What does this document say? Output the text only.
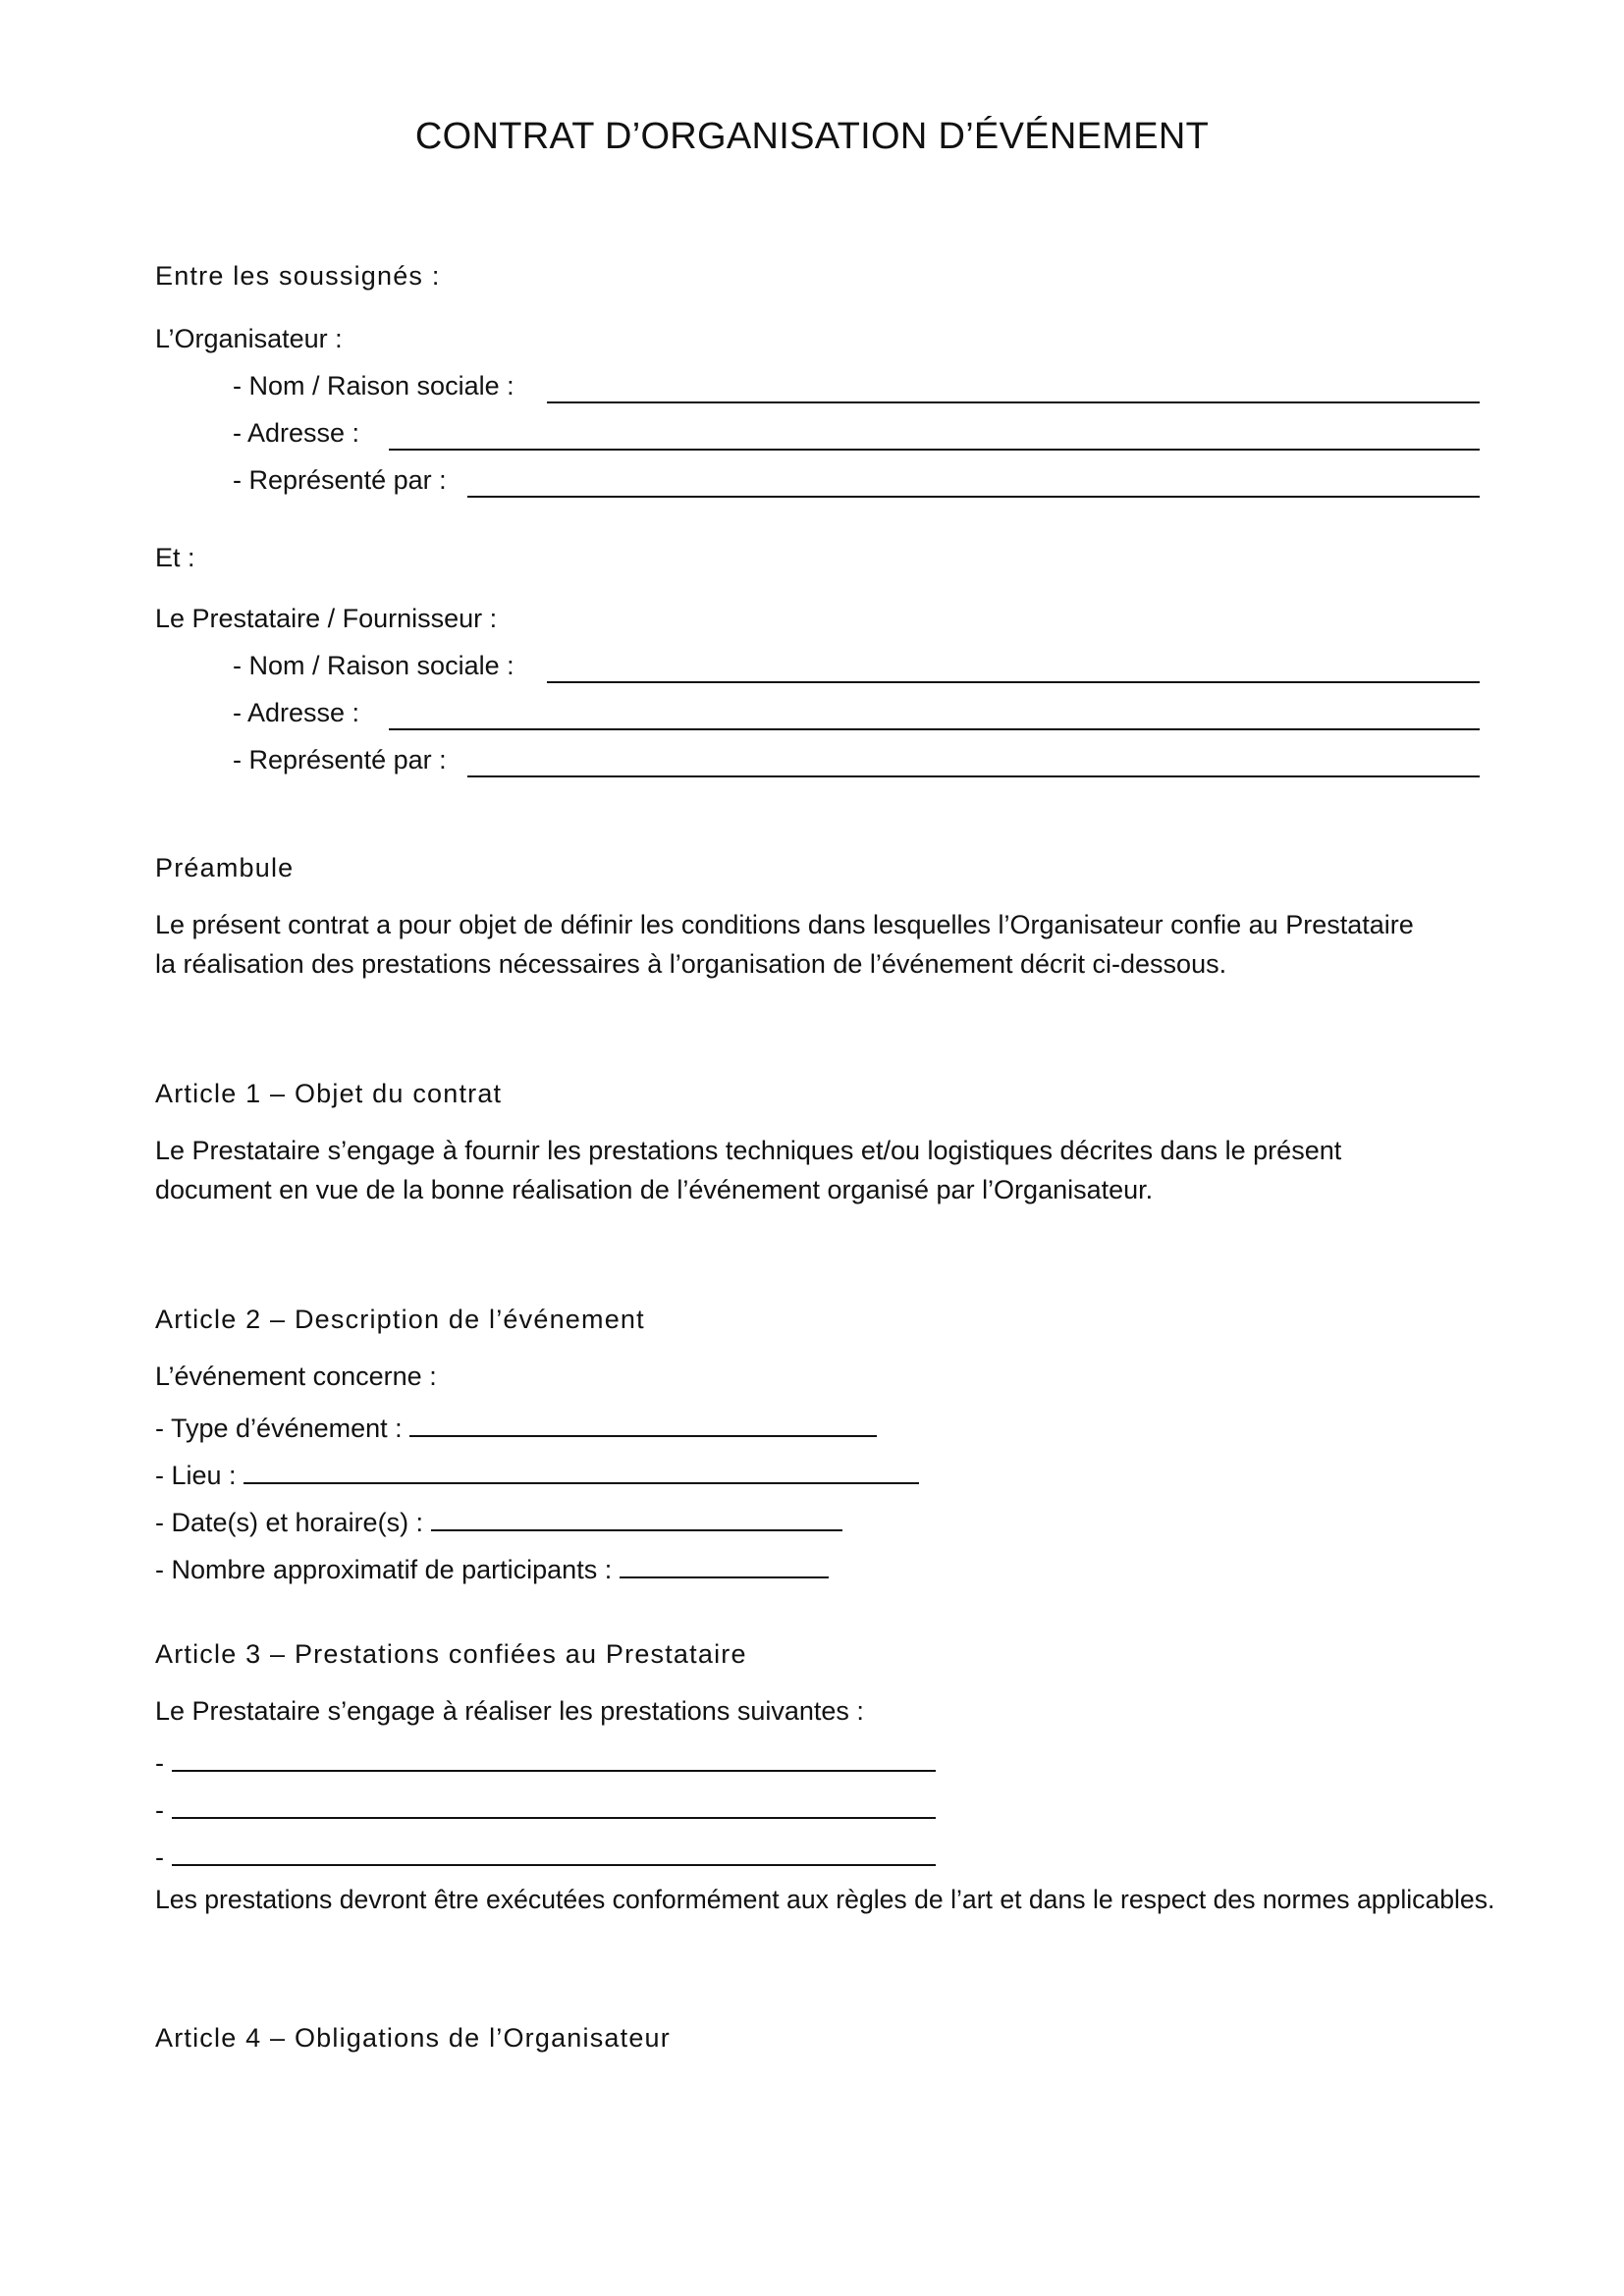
CONTRAT D’ORGANISATION D’ÉVÉNEMENT
Entre les soussignés :
L’Organisateur :
- Nom / Raison sociale :
- Adresse :
- Représenté par :
Et :
Le Prestataire / Fournisseur :
- Nom / Raison sociale :
- Adresse :
- Représenté par :
Préambule
Le présent contrat a pour objet de définir les conditions dans lesquelles l’Organisateur confie au Prestataire
la réalisation des prestations nécessaires à l’organisation de l’événement décrit ci-dessous.
Article 1 – Objet du contrat
Le Prestataire s’engage à fournir les prestations techniques et/ou logistiques décrites dans le présent
document en vue de la bonne réalisation de l’événement organisé par l’Organisateur.
Article 2 – Description de l’événement
L’événement concerne :
- Type d’événement :
- Lieu :
- Date(s) et horaire(s) :
- Nombre approximatif de participants :
Article 3 – Prestations confiées au Prestataire
Le Prestataire s’engage à réaliser les prestations suivantes :
-
-
-
Les prestations devront être exécutées conformément aux règles de l’art et dans le respect des normes applicables.
Article 4 – Obligations de l’Organisateur
